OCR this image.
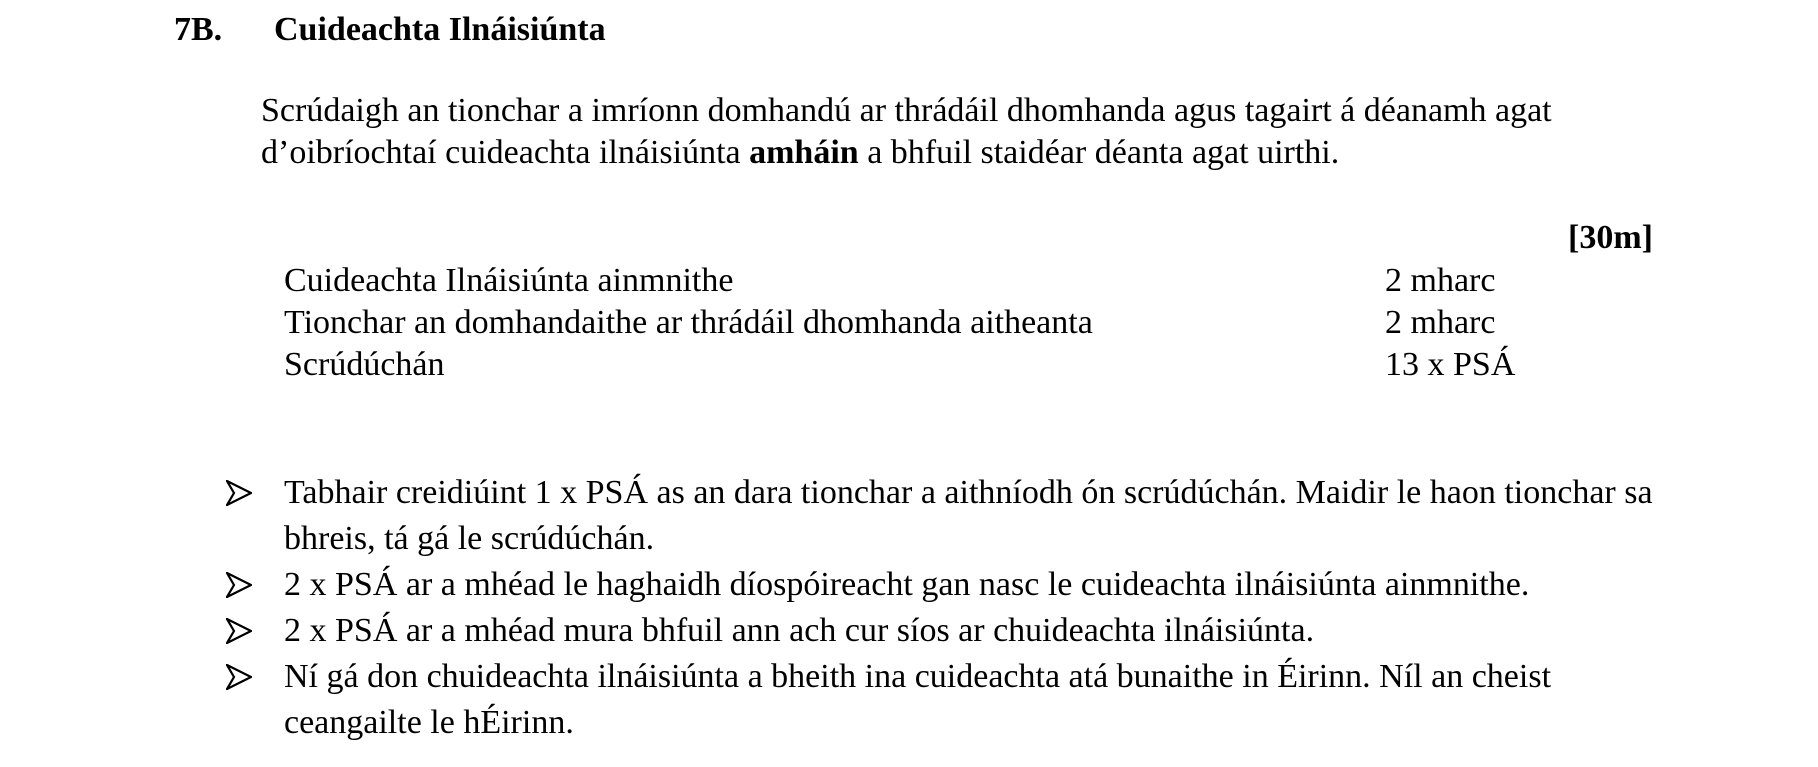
7B. Cuideachta Ilnáisiúnta
Scrúdaigh an tionchar a imríonn domhandú ar thrádáil dhomhanda agus tagairt á déanamh agat d’oibríochtaí cuideachta ilnáisiúnta amháin a bhfuil staidéar déanta agat uirthi.
[30m]
Cuideachta Ilnáisiúnta ainmnithe	2 mharc
Tionchar an domhandaithe ar thrádáil dhomhanda aitheanta	2 mharc
Scrúdúchán	13 x PSÁ
Tabhair creidiúint 1 x PSÁ as an dara tionchar a aithníodh ón scrúdúchán. Maidir le haon tionchar sa bhreis, tá gá le scrúdúchán.
2 x PSÁ ar a mhéad le haghaidh díospóireacht gan nasc le cuideachta ilnáisiúnta ainmnithe.
2 x PSÁ ar a mhéad mura bhfuil ann ach cur síos ar chuideachta ilnáisiúnta.
Ní gá don chuideachta ilnáisiúnta a bheith ina cuideachta atá bunaithe in Éirinn. Níl an cheist ceangailte le hÉirinn.
